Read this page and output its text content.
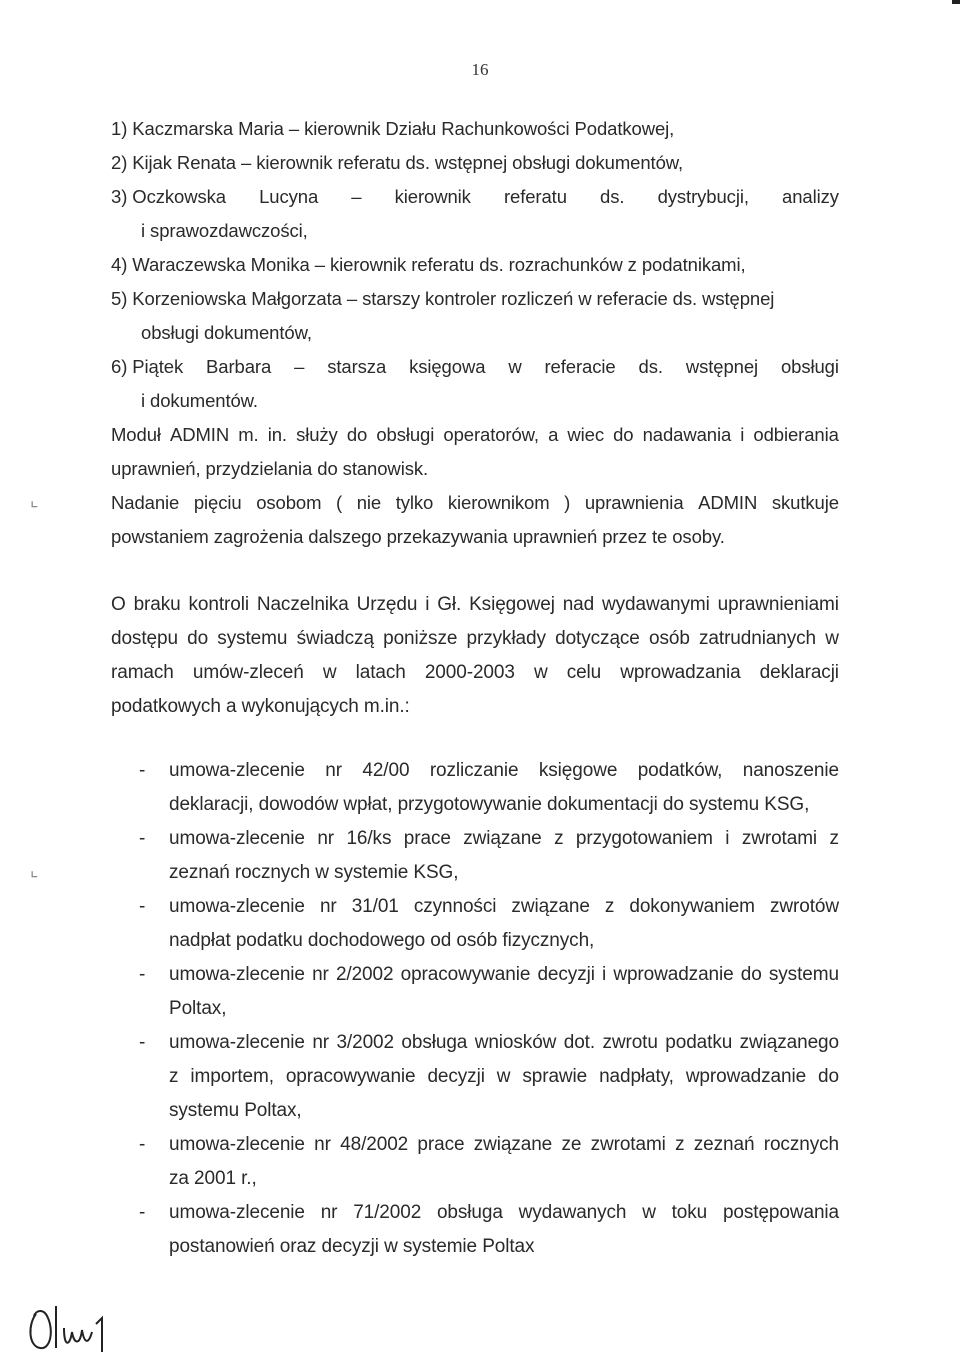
16
1) Kaczmarska Maria – kierownik Działu Rachunkowości Podatkowej,
2) Kijak Renata – kierownik referatu ds. wstępnej obsługi dokumentów,
3) Oczkowska Lucyna – kierownik referatu ds. dystrybucji, analizy
i sprawozdawczości,
4) Waraczewska Monika – kierownik referatu ds. rozrachunków z podatnikami,
5) Korzeniowska Małgorzata – starszy kontroler rozliczeń w referacie ds. wstępnej
obsługi dokumentów,
6) Piątek Barbara – starsza księgowa w referacie ds. wstępnej obsługi
i dokumentów.
Moduł ADMIN m. in. służy do obsługi operatorów, a wiec do nadawania i odbierania
uprawnień, przydzielania do stanowisk.
Nadanie pięciu osobom ( nie tylko kierownikom ) uprawnienia ADMIN skutkuje
powstaniem zagrożenia dalszego przekazywania uprawnień przez te osoby.
O braku kontroli Naczelnika Urzędu i Gł. Księgowej nad wydawanymi uprawnieniami
dostępu do systemu świadczą poniższe przykłady dotyczące osób zatrudnianych w
ramach umów-zleceń w latach 2000-2003 w celu wprowadzania deklaracji
podatkowych a wykonujących m.in.:
- umowa-zlecenie nr 42/00 rozliczanie księgowe podatków, nanoszenie
deklaracji, dowodów wpłat, przygotowywanie dokumentacji do systemu KSG,
- umowa-zlecenie nr 16/ks prace związane z przygotowaniem i zwrotami z
zeznań rocznych w systemie KSG,
- umowa-zlecenie nr 31/01 czynności związane z dokonywaniem zwrotów
nadpłat podatku dochodowego od osób fizycznych,
- umowa-zlecenie nr 2/2002 opracowywanie decyzji i wprowadzanie do systemu
Poltax,
- umowa-zlecenie nr 3/2002 obsługa wniosków dot. zwrotu podatku związanego
z importem, opracowywanie decyzji w sprawie nadpłaty, wprowadzanie do
systemu Poltax,
- umowa-zlecenie nr 48/2002 prace związane ze zwrotami z zeznań rocznych
za 2001 r.,
- umowa-zlecenie nr 71/2002 obsługa wydawanych w toku postępowania
postanowień oraz decyzji w systemie Poltax
⌞
⌞
